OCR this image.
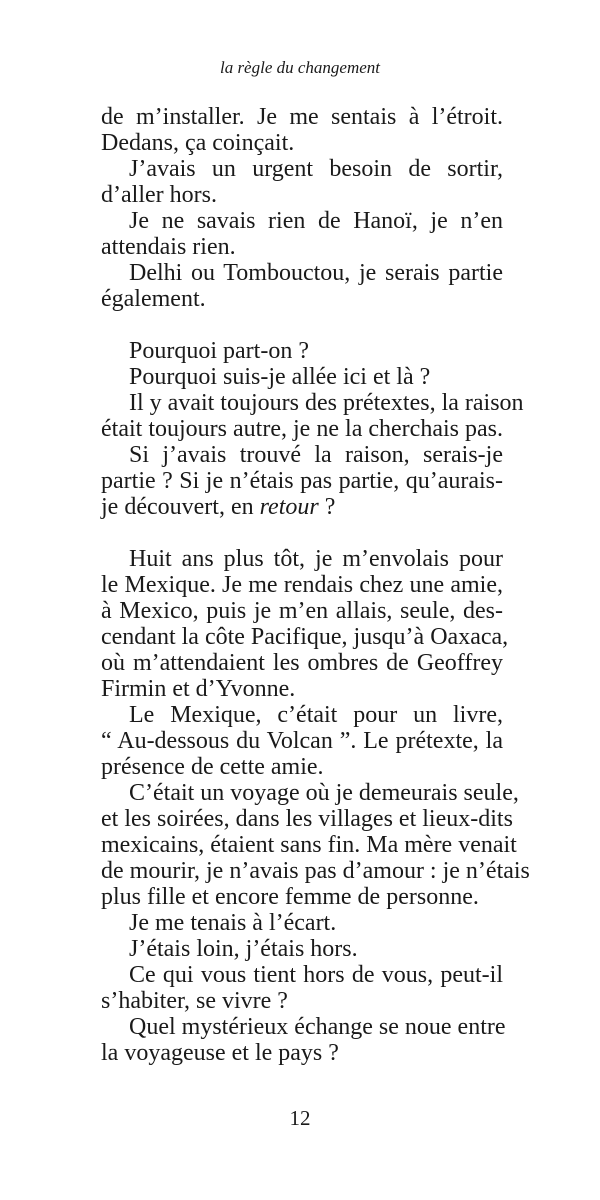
la règle du changement
de m’installer. Je me sentais à l’étroit.
Dedans, ça coinçait.
J’avais un urgent besoin de sortir,
d’aller hors.
Je ne savais rien de Hanoï, je n’en
attendais rien.
Delhi ou Tombouctou, je serais partie
également.
Pourquoi part-on ?
Pourquoi suis-je allée ici et là ?
Il y avait toujours des prétextes, la raison
était toujours autre, je ne la cherchais pas.
Si j’avais trouvé la raison, serais-je
partie ? Si je n’étais pas partie, qu’aurais-
je découvert, en retour ?
Huit ans plus tôt, je m’envolais pour
le Mexique. Je me rendais chez une amie,
à Mexico, puis je m’en allais, seule, des-
cendant la côte Pacifique, jusqu’à Oaxaca,
où m’attendaient les ombres de Geoffrey
Firmin et d’Yvonne.
Le Mexique, c’était pour un livre,
“ Au-dessous du Volcan ”. Le prétexte, la
présence de cette amie.
C’était un voyage où je demeurais seule,
et les soirées, dans les villages et lieux-dits
mexicains, étaient sans fin. Ma mère venait
de mourir, je n’avais pas d’amour : je n’étais
plus fille et encore femme de personne.
Je me tenais à l’écart.
J’étais loin, j’étais hors.
Ce qui vous tient hors de vous, peut-il
s’habiter, se vivre ?
Quel mystérieux échange se noue entre
la voyageuse et le pays ?
12
